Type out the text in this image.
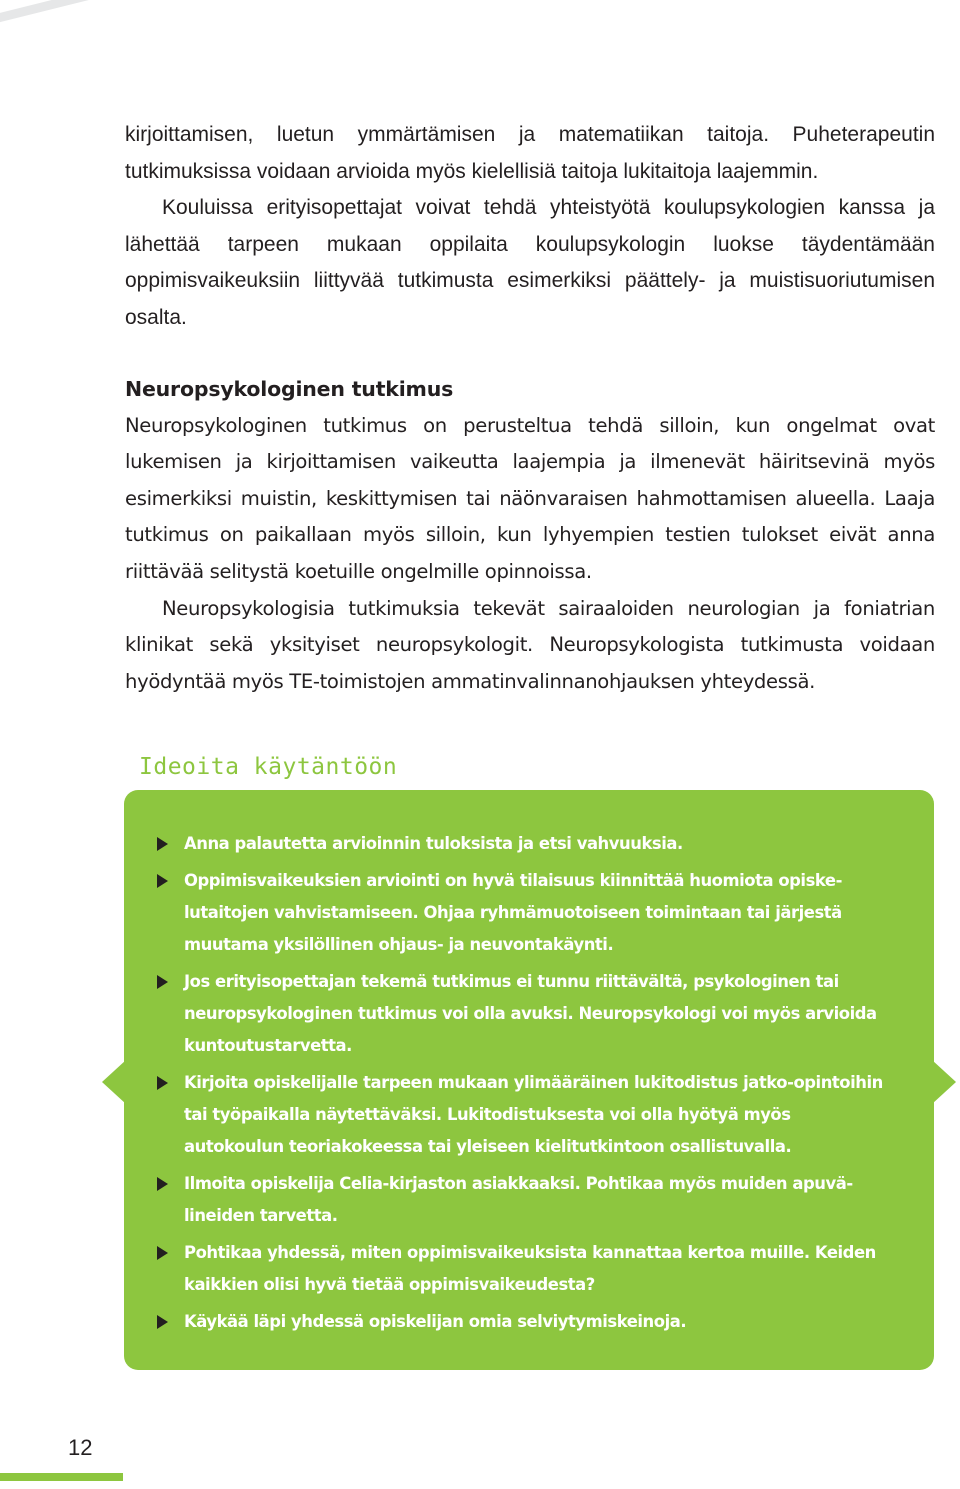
kirjoittamisen, luetun ymmärtämisen ja matematiikan taitoja. Puheterapeutin tutkimuksissa voidaan arvioida myös kielellisiä taitoja lukitaitoja laajemmin.

Kouluissa erityisopettajat voivat tehdä yhteistyötä koulupsykologien kanssa ja lähettää tarpeen mukaan oppilaita koulupsykologin luokse täydentämään oppimisvaikeuksiin liittyvää tutkimusta esimerkiksi päättely- ja muistisuoriutumisen osalta.

Neuropsykologinen tutkimus

Neuropsykologinen tutkimus on perusteltua tehdä silloin, kun ongelmat ovat lukemisen ja kirjoittamisen vaikeutta laajempia ja ilmenevät häiritsevinä myös esimerkiksi muistin, keskittymisen tai näönvaraisen hahmottamisen alueella. Laaja tutkimus on paikallaan myös silloin, kun lyhyempien testien tulokset eivät anna riittävää selitystä koetuille ongelmille opinnoissa.

Neuropsykologisia tutkimuksia tekevät sairaaloiden neurologian ja foniatrian klinikat sekä yksityiset neuropsykologit. Neuropsykologista tutkimusta voidaan hyödyntää myös TE-toimistojen ammatinvalinnanohjauksen yhteydessä.

Ideoita käytäntöön
Anna palautetta arvioinnin tuloksista ja etsi vahvuuksia.
Oppimisvaikeuksien arviointi on hyvä tilaisuus kiinnittää huomiota opiskelutaitojen vahvistamiseen. Ohjaa ryhmämuotoiseen toimintaan tai järjestä muutama yksilöllinen ohjaus- ja neuvontakäynti.
Jos erityisopettajan tekemä tutkimus ei tunnu riittävältä, psykologinen tai neuropsykologinen tutkimus voi olla avuksi. Neuropsykologi voi myös arvioida kuntoutustarvetta.
Kirjoita opiskelijalle tarpeen mukaan ylimääräinen lukitodistus jatko-opintoihin tai työpaikalla näytettäväksi. Lukitodistuksesta voi olla hyötyä myös autokoulun teoriakokeessa tai yleiseen kielitutkintoon osallistuvalla.
Ilmoita opiskelija Celia-kirjaston asiakkaaksi. Pohtikaa myös muiden apuvälineiden tarvetta.
Pohtikaa yhdessä, miten oppimisvaikeuksista kannattaa kertoa muille. Keiden kaikkien olisi hyvä tietää oppimisvaikeudesta?
Käykää läpi yhdessä opiskelijan omia selviytymiskeinoja.
12
